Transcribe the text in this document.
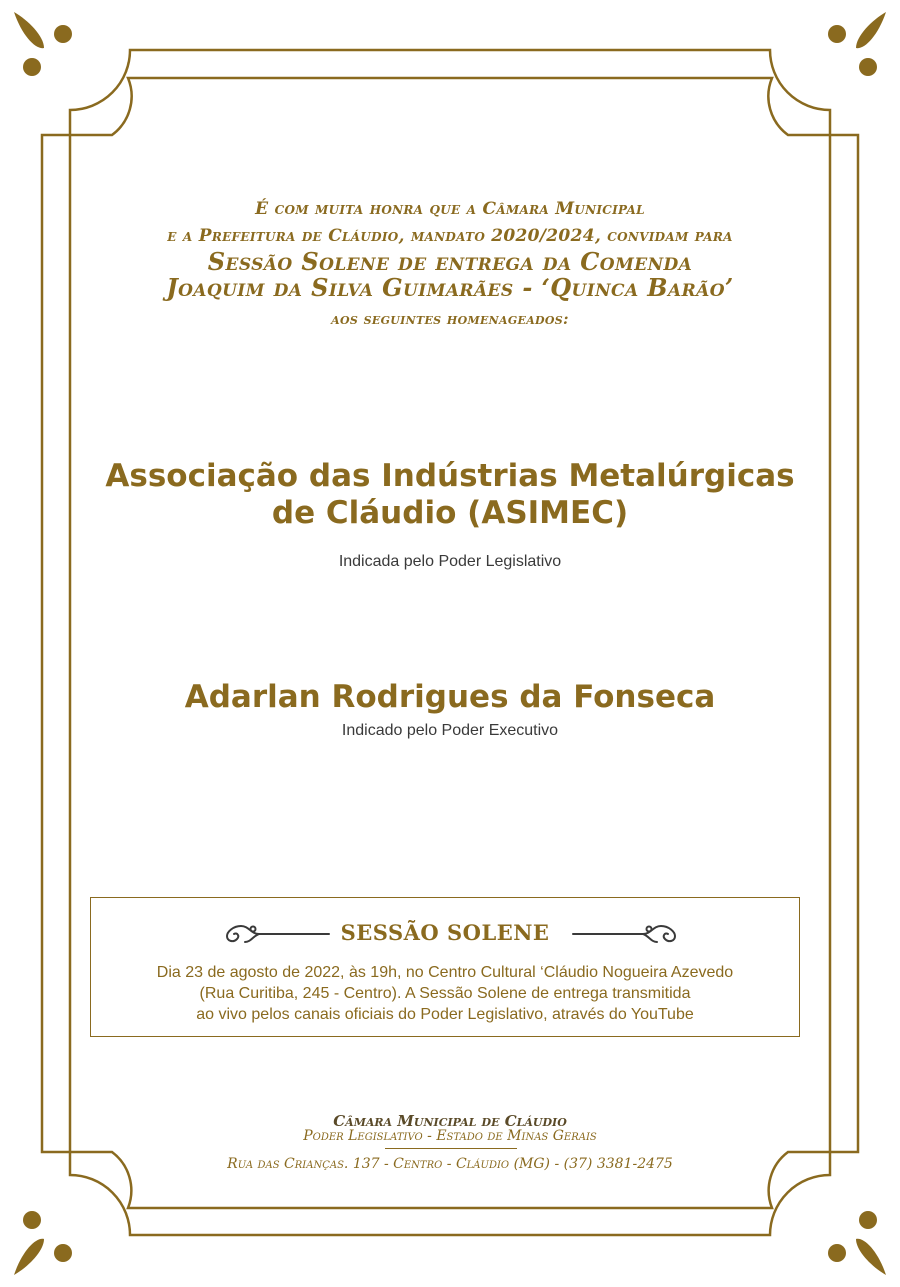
É com muita honra que a Câmara Municipal
e a Prefeitura de Cláudio, mandato 2020/2024, convidam para
Sessão Solene de entrega da Comenda
Joaquim da Silva Guimarães - ‘Quinca Barão’
aos seguintes homenageados:
Associação das Indústrias Metalúrgicas
de Cláudio (ASIMEC)
Indicada pelo Poder Legislativo
Adarlan Rodrigues da Fonseca
Indicado pelo Poder Executivo
SESSÃO SOLENE
Dia 23 de agosto de 2022, às 19h, no Centro Cultural ‘Cláudio Nogueira Azevedo
(Rua Curitiba, 245 - Centro). A Sessão Solene de entrega transmitida
ao vivo pelos canais oficiais do Poder Legislativo, através do YouTube
Câmara Municipal de Cláudio
Poder Legislativo - Estado de Minas Gerais
Rua das Crianças. 137 - Centro - Cláudio (MG) - (37) 3381-2475
